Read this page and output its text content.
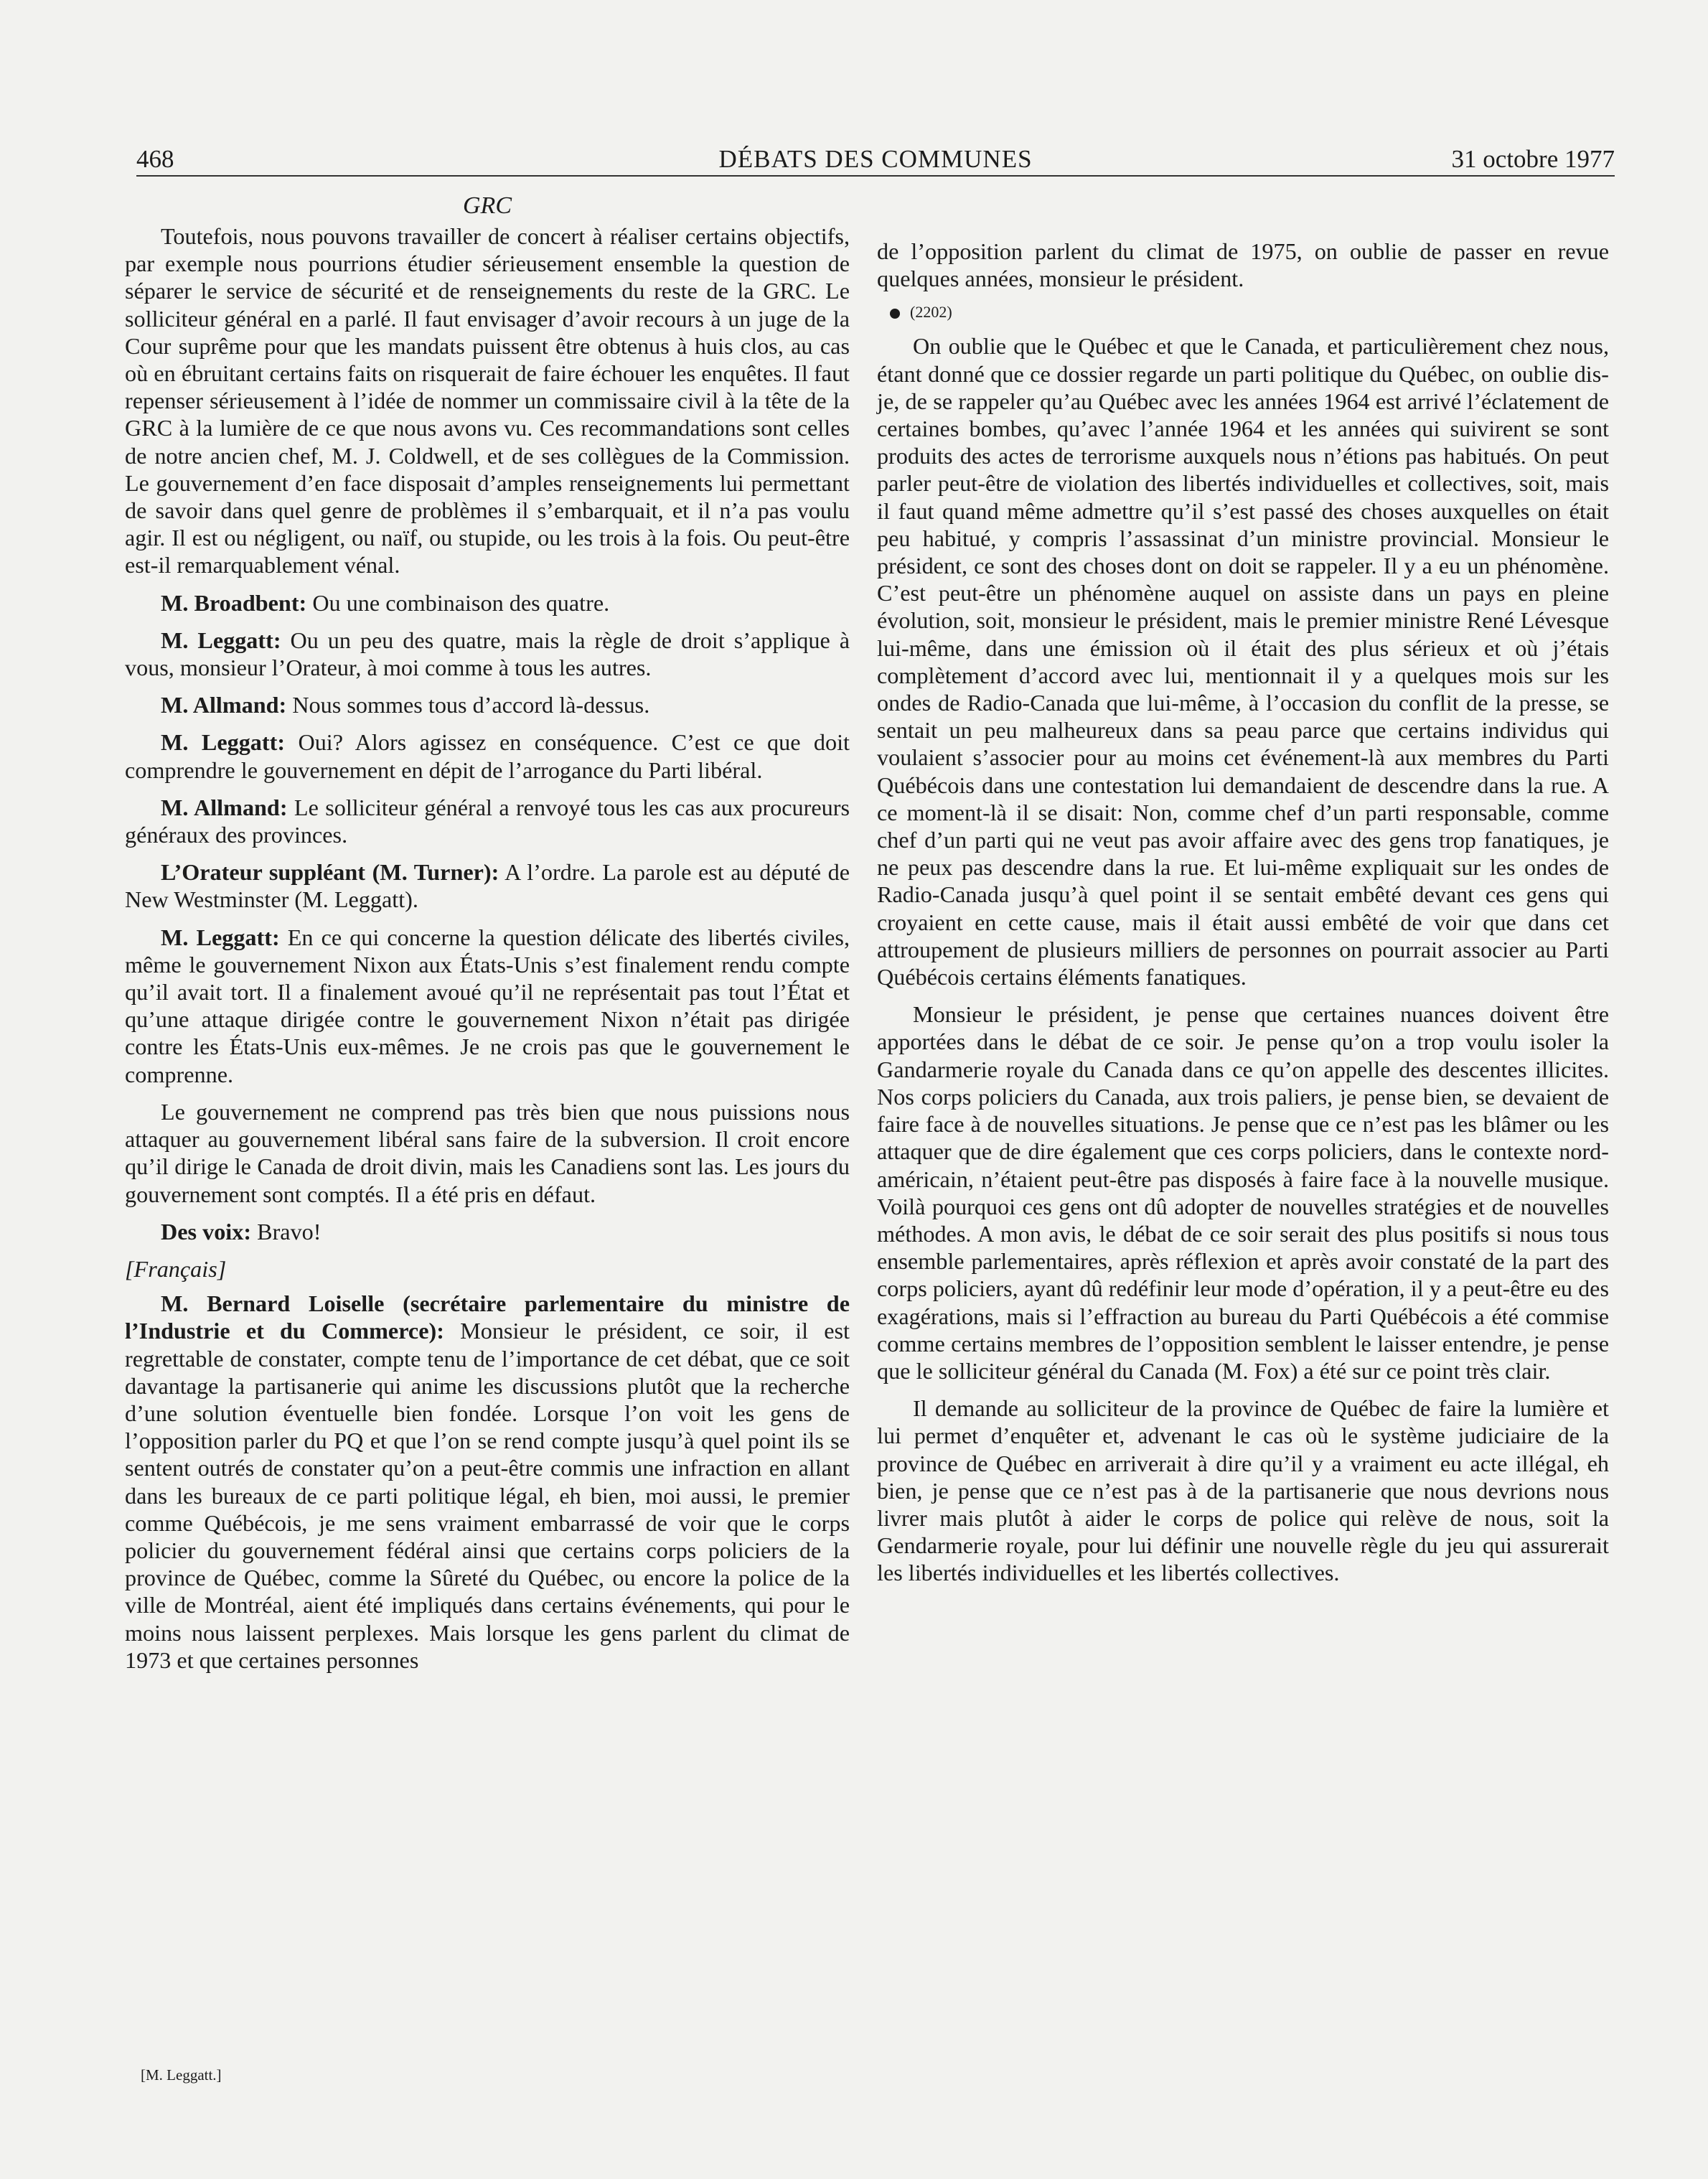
468	DÉBATS DES COMMUNES	31 octobre 1977
GRC

Toutefois, nous pouvons travailler de concert à réaliser certains objectifs, par exemple nous pourrions étudier sérieusement ensemble la question de séparer le service de sécurité et de renseignements du reste de la GRC. Le solliciteur général en a parlé. Il faut envisager d’avoir recours à un juge de la Cour suprême pour que les mandats puissent être obtenus à huis clos, au cas où en ébruitant certains faits on risquerait de faire échouer les enquêtes. Il faut repenser sérieusement à l’idée de nommer un commissaire civil à la tête de la GRC à la lumière de ce que nous avons vu. Ces recommandations sont celles de notre ancien chef, M. J. Coldwell, et de ses collègues de la Commission. Le gouvernement d’en face disposait d’amples renseignements lui permettant de savoir dans quel genre de problèmes il s’embarquait, et il n’a pas voulu agir. Il est ou négligent, ou naïf, ou stupide, ou les trois à la fois. Ou peut-être est-il remarquablement vénal.

M. Broadbent: Ou une combinaison des quatre.

M. Leggatt: Ou un peu des quatre, mais la règle de droit s’applique à vous, monsieur l’Orateur, à moi comme à tous les autres.

M. Allmand: Nous sommes tous d’accord là-dessus.

M. Leggatt: Oui? Alors agissez en conséquence. C’est ce que doit comprendre le gouvernement en dépit de l’arrogance du Parti libéral.

M. Allmand: Le solliciteur général a renvoyé tous les cas aux procureurs généraux des provinces.

L’Orateur suppléant (M. Turner): A l’ordre. La parole est au député de New Westminster (M. Leggatt).

M. Leggatt: En ce qui concerne la question délicate des libertés civiles, même le gouvernement Nixon aux États-Unis s’est finalement rendu compte qu’il avait tort. Il a finalement avoué qu’il ne représentait pas tout l’État et qu’une attaque dirigée contre le gouvernement Nixon n’était pas dirigée contre les États-Unis eux-mêmes. Je ne crois pas que le gouvernement le comprenne.

Le gouvernement ne comprend pas très bien que nous puissions nous attaquer au gouvernement libéral sans faire de la subversion. Il croit encore qu’il dirige le Canada de droit divin, mais les Canadiens sont las. Les jours du gouvernement sont comptés. Il a été pris en défaut.

Des voix: Bravo!

[Français]

M. Bernard Loiselle (secrétaire parlementaire du ministre de l’Industrie et du Commerce): Monsieur le président, ce soir, il est regrettable de constater, compte tenu de l’importance de cet débat, que ce soit davantage la partisanerie qui anime les discussions plutôt que la recherche d’une solution éventuelle bien fondée. Lorsque l’on voit les gens de l’opposition parler du PQ et que l’on se rend compte jusqu’à quel point ils se sentent outrés de constater qu’on a peut-être commis une infraction en allant dans les bureaux de ce parti politique légal, eh bien, moi aussi, le premier comme Québécois, je me sens vraiment embarrassé de voir que le corps policier du gouvernement fédéral ainsi que certains corps policiers de la province de Québec, comme la Sûreté du Québec, ou encore la police de la ville de Montréal, aient été impliqués dans certains événements, qui pour le moins nous laissent perplexes. Mais lorsque les gens parlent du climat de 1973 et que certaines personnes

de l’opposition parlent du climat de 1975, on oublie de passer en revue quelques années, monsieur le président.

(2202)

On oublie que le Québec et que le Canada, et particulièrement chez nous, étant donné que ce dossier regarde un parti politique du Québec, on oublie dis-je, de se rappeler qu’au Québec avec les années 1964 est arrivé l’éclatement de certaines bombes, qu’avec l’année 1964 et les années qui suivirent se sont produits des actes de terrorisme auxquels nous n’étions pas habitués. On peut parler peut-être de violation des libertés individuelles et collectives, soit, mais il faut quand même admettre qu’il s’est passé des choses auxquelles on était peu habitué, y compris l’assassinat d’un ministre provincial. Monsieur le président, ce sont des choses dont on doit se rappeler. Il y a eu un phénomène. C’est peut-être un phénomène auquel on assiste dans un pays en pleine évolution, soit, monsieur le président, mais le premier ministre René Lévesque lui-même, dans une émission où il était des plus sérieux et où j’étais complètement d’accord avec lui, mentionnait il y a quelques mois sur les ondes de Radio-Canada que lui-même, à l’occasion du conflit de la presse, se sentait un peu malheureux dans sa peau parce que certains individus qui voulaient s’associer pour au moins cet événement-là aux membres du Parti Québécois dans une contestation lui demandaient de descendre dans la rue. A ce moment-là il se disait: Non, comme chef d’un parti responsable, comme chef d’un parti qui ne veut pas avoir affaire avec des gens trop fanatiques, je ne peux pas descendre dans la rue. Et lui-même expliquait sur les ondes de Radio-Canada jusqu’à quel point il se sentait embêté devant ces gens qui croyaient en cette cause, mais il était aussi embêté de voir que dans cet attroupement de plusieurs milliers de personnes on pourrait associer au Parti Québécois certains éléments fanatiques.

Monsieur le président, je pense que certaines nuances doivent être apportées dans le débat de ce soir. Je pense qu’on a trop voulu isoler la Gandarmerie royale du Canada dans ce qu’on appelle des descentes illicites. Nos corps policiers du Canada, aux trois paliers, je pense bien, se devaient de faire face à de nouvelles situations. Je pense que ce n’est pas les blâmer ou les attaquer que de dire également que ces corps policiers, dans le contexte nord-américain, n’étaient peut-être pas disposés à faire face à la nouvelle musique. Voilà pourquoi ces gens ont dû adopter de nouvelles stratégies et de nouvelles méthodes. A mon avis, le débat de ce soir serait des plus positifs si nous tous ensemble parlementaires, après réflexion et après avoir constaté de la part des corps policiers, ayant dû redéfinir leur mode d’opération, il y a peut-être eu des exagérations, mais si l’effraction au bureau du Parti Québécois a été commise comme certains membres de l’opposition semblent le laisser entendre, je pense que le solliciteur général du Canada (M. Fox) a été sur ce point très clair.

Il demande au solliciteur de la province de Québec de faire la lumière et lui permet d’enquêter et, advenant le cas où le système judiciaire de la province de Québec en arriverait à dire qu’il y a vraiment eu acte illégal, eh bien, je pense que ce n’est pas à de la partisanerie que nous devrions nous livrer mais plutôt à aider le corps de police qui relève de nous, soit la Gendarmerie royale, pour lui définir une nouvelle règle du jeu qui assurerait les libertés individuelles et les libertés collectives.

[M. Leggatt.]
